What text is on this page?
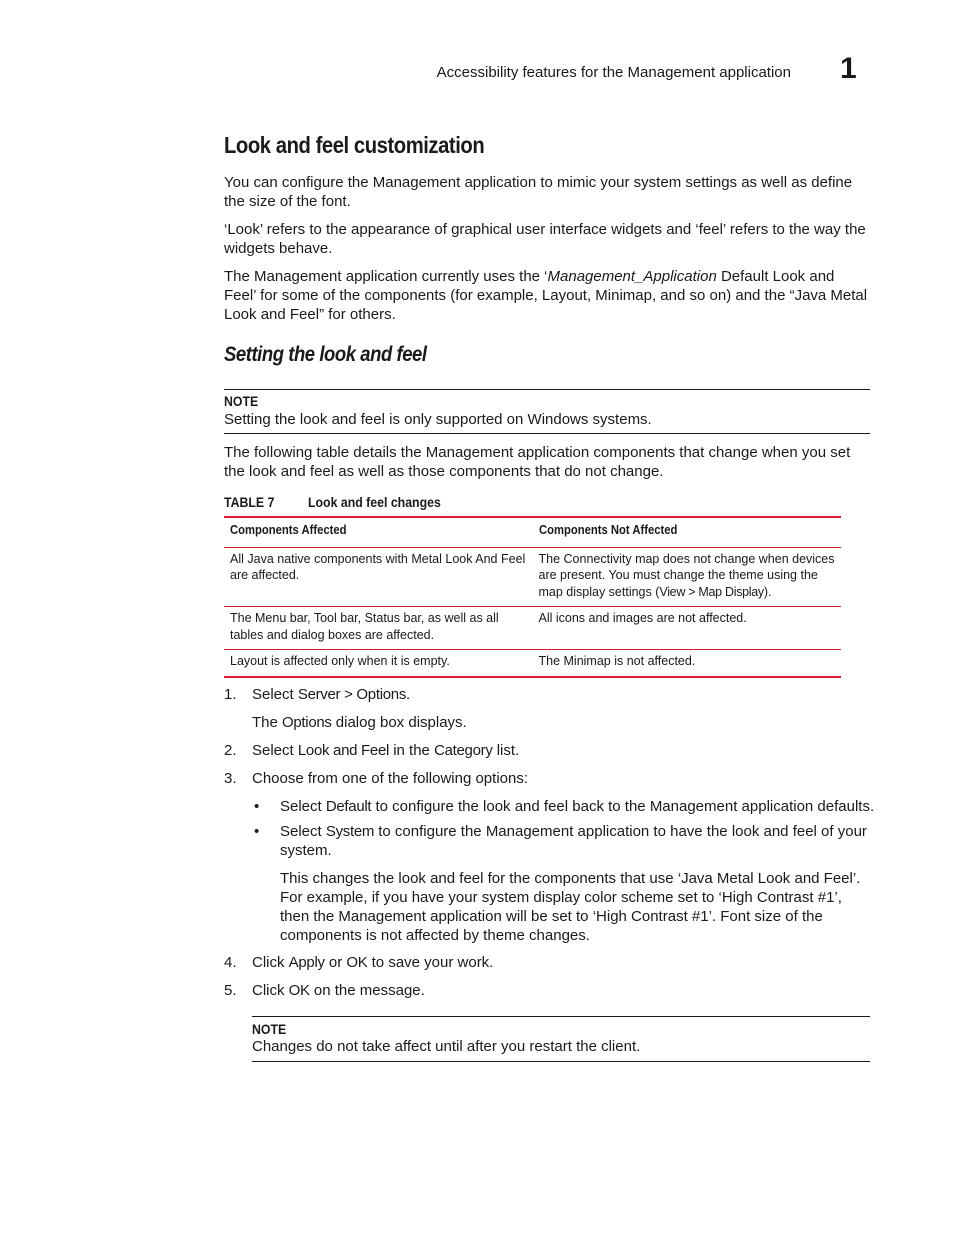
Accessibility features for the Management application 1
Look and feel customization

You can configure the Management application to mimic your system settings as well as define the size of the font.

‘Look’ refers to the appearance of graphical user interface widgets and ‘feel’ refers to the way the widgets behave.

The Management application currently uses the ‘Management_Application Default Look and Feel’ for some of the components (for example, Layout, Minimap, and so on) and the “Java Metal Look and Feel” for others.

Setting the look and feel
NOTE

Setting the look and feel is only supported on Windows systems.

The following table details the Management application components that change when you set the look and feel as well as those components that do not change.

TABLE 7 Look and feel changes
Components Affected	Components Not Affected
All Java native components with Metal Look And Feel are affected.	The Connectivity map does not change when devices are present. You must change the theme using the map display settings (View > Map Display).
The Menu bar, Tool bar, Status bar, as well as all tables and dialog boxes are affected.	All icons and images are not affected.
Layout is affected only when it is empty.	The Minimap is not affected.
1. Select Server > Options.
The Options dialog box displays.
2. Select Look and Feel in the Category list.
3. Choose from one of the following options:
• Select Default to configure the look and feel back to the Management application defaults.
• Select System to configure the Management application to have the look and feel of your system.
This changes the look and feel for the components that use ‘Java Metal Look and Feel’. For example, if you have your system display color scheme set to ‘High Contrast #1’, then the Management application will be set to ‘High Contrast #1’. Font size of the components is not affected by theme changes.
4. Click Apply or OK to save your work.
5. Click OK on the message.
NOTE

Changes do not take affect until after you restart the client.
